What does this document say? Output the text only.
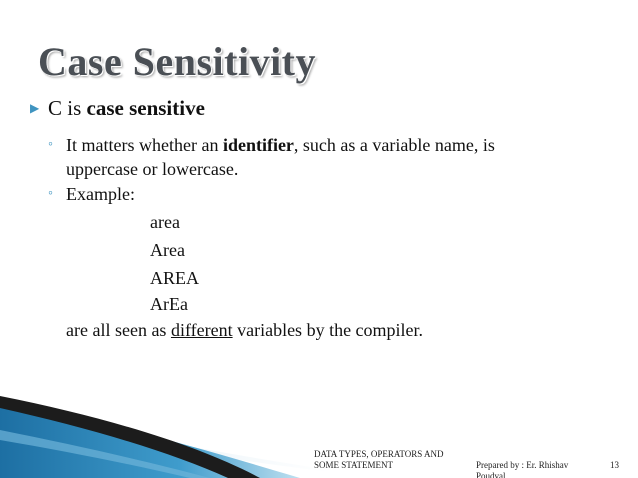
Case Sensitivity
▶ C is case sensitive
◦ It matters whether an identifier, such as a variable name, is
uppercase or lowercase.
◦ Example:
area
Area
AREA
ArEa
are all seen as different variables by the compiler.
DATA TYPES, OPERATORS AND
SOME STATEMENT	Prepared by : Er. Rhishav
Poudval
13
